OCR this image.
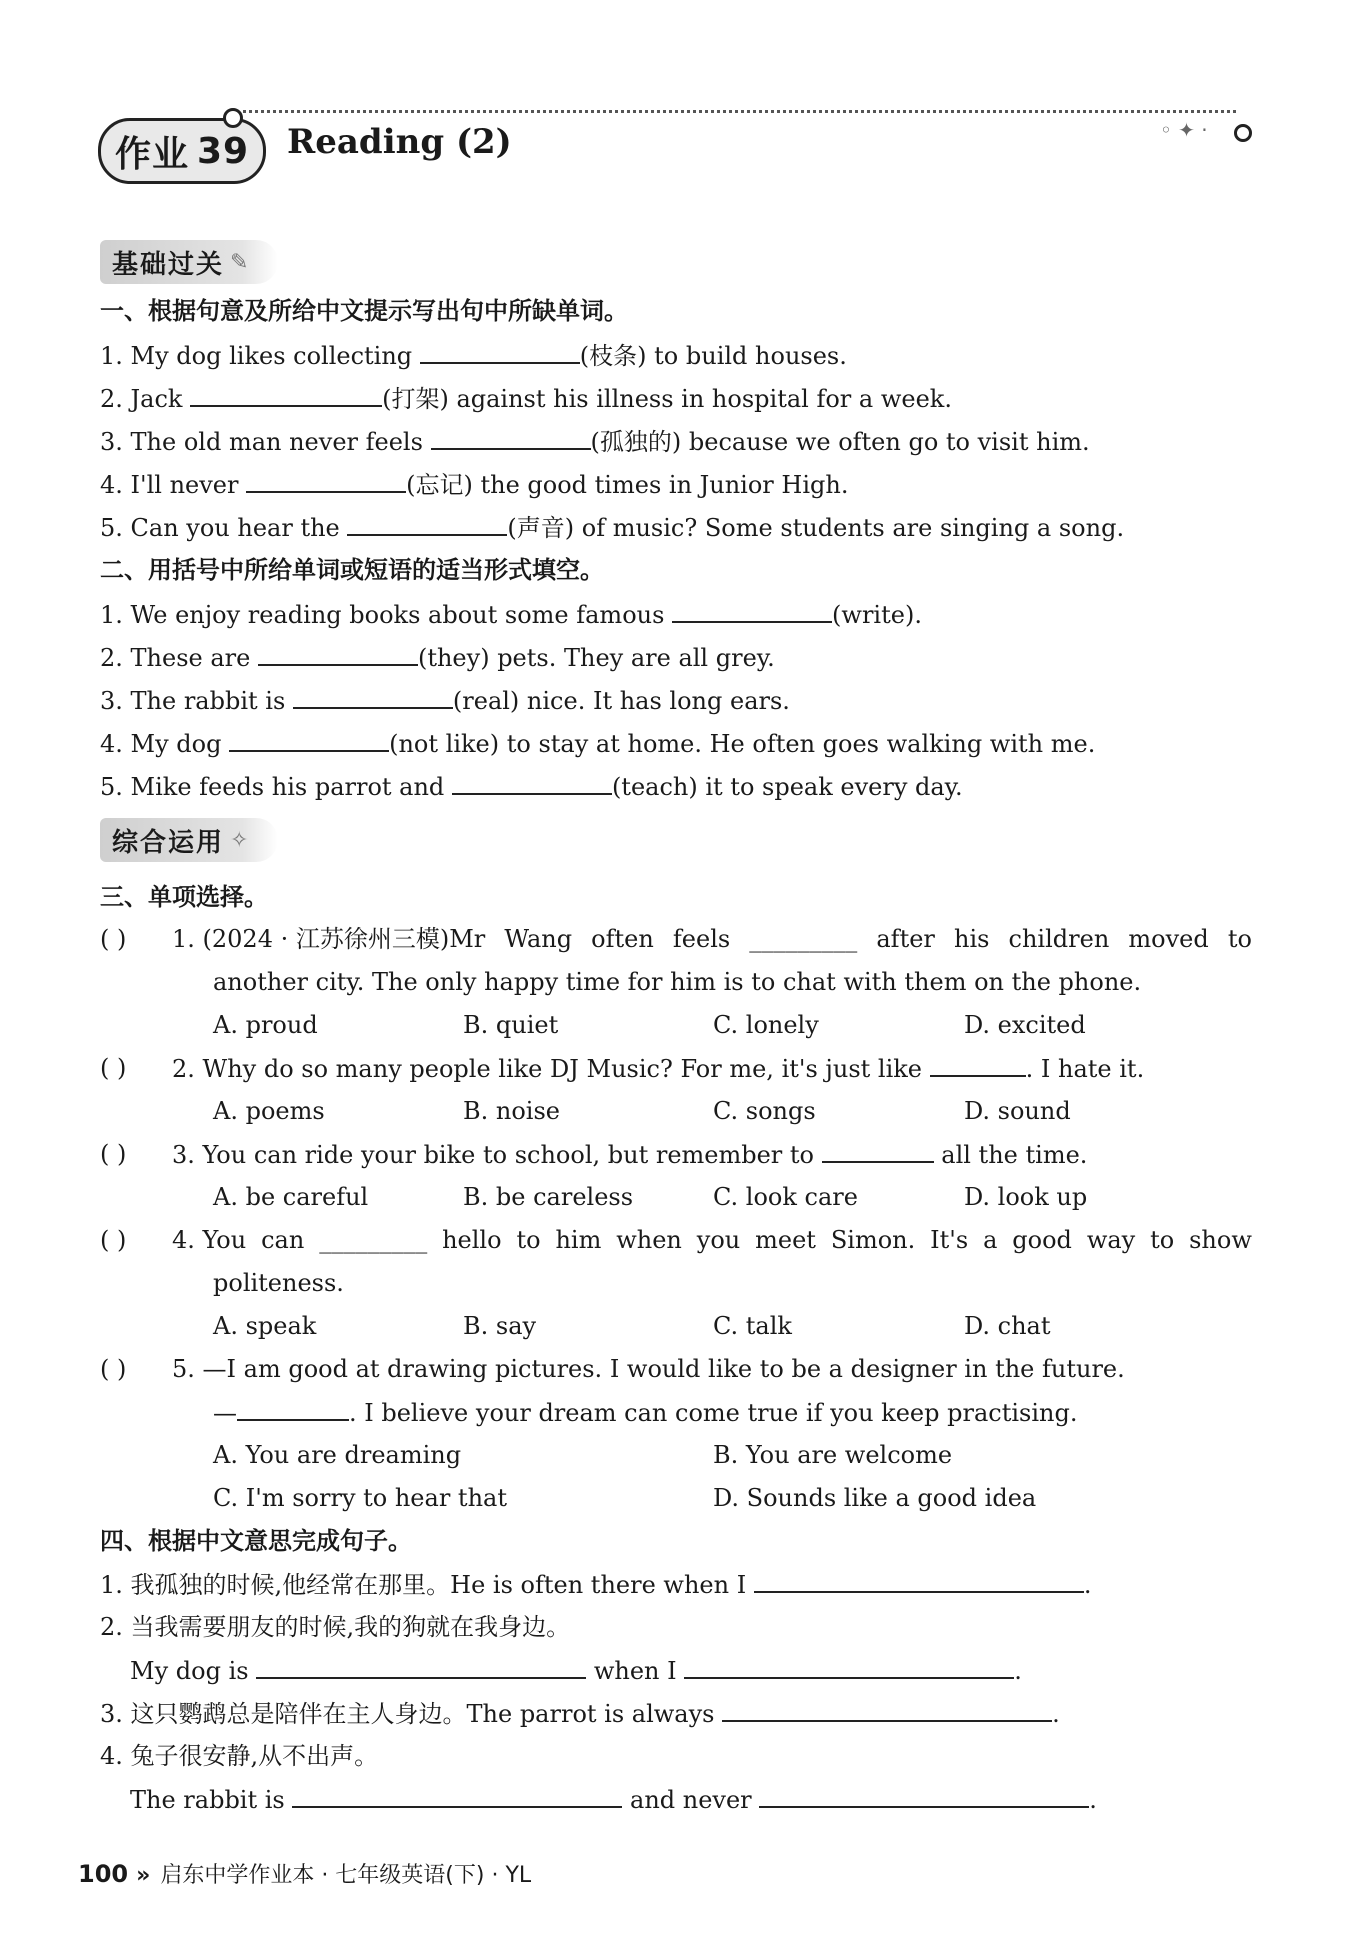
作业 39 Reading (2)	◦ ✦ ·
基础过关 ✎
一、根据句意及所给中文提示写出句中所缺单词。
1. My dog likes collecting	(枝条) to build houses.
2. Jack	(打架) against his illness in hospital for a week.
3. The old man never feels	(孤独的) because we often go to visit him.
4. I'll never	(忘记) the good times in Junior High.
5. Can you hear the	(声音) of music? Some students are singing a song.
二、用括号中所给单词或短语的适当形式填空。
1. We enjoy reading books about some famous	(write).
2. These are	(they) pets. They are all grey.
3. The rabbit is	(real) nice. It has long ears.
4. My dog	(not like) to stay at home. He often goes walking with me.
5. Mike feeds his parrot and	(teach) it to speak every day.
综合运用 ✧
三、单项选择。
( ) 1. (2024 · 江苏徐州三模)Mr Wang often feels _________ after his children moved to
another city. The only happy time for him is to chat with them on the phone.
A. proud	B. quiet	C. lonely	D. excited
( ) 2. Why do so many people like DJ Music? For me, it's just like	. I hate it.
A. poems	B. noise	C. songs	D. sound
( ) 3. You can ride your bike to school, but remember to	all the time.
A. be careful	B. be careless	C. look care	D. look up
( ) 4. You can _________ hello to him when you meet Simon. It's a good way to show
politeness.
A. speak	B. say	C. talk	D. chat
( ) 5. —I am good at drawing pictures. I would like to be a designer in the future.
—	. I believe your dream can come true if you keep practising.
A. You are dreaming	B. You are welcome
C. I'm sorry to hear that	D. Sounds like a good idea
四、根据中文意思完成句子。
1. 我孤独的时候,他经常在那里。He is often there when I	.
2. 当我需要朋友的时候,我的狗就在我身边。
My dog is	when I	.
3. 这只鹦鹉总是陪伴在主人身边。The parrot is always	.
4. 兔子很安静,从不出声。
The rabbit is	and never	.
100 » 启东中学作业本 · 七年级英语(下) · YL
